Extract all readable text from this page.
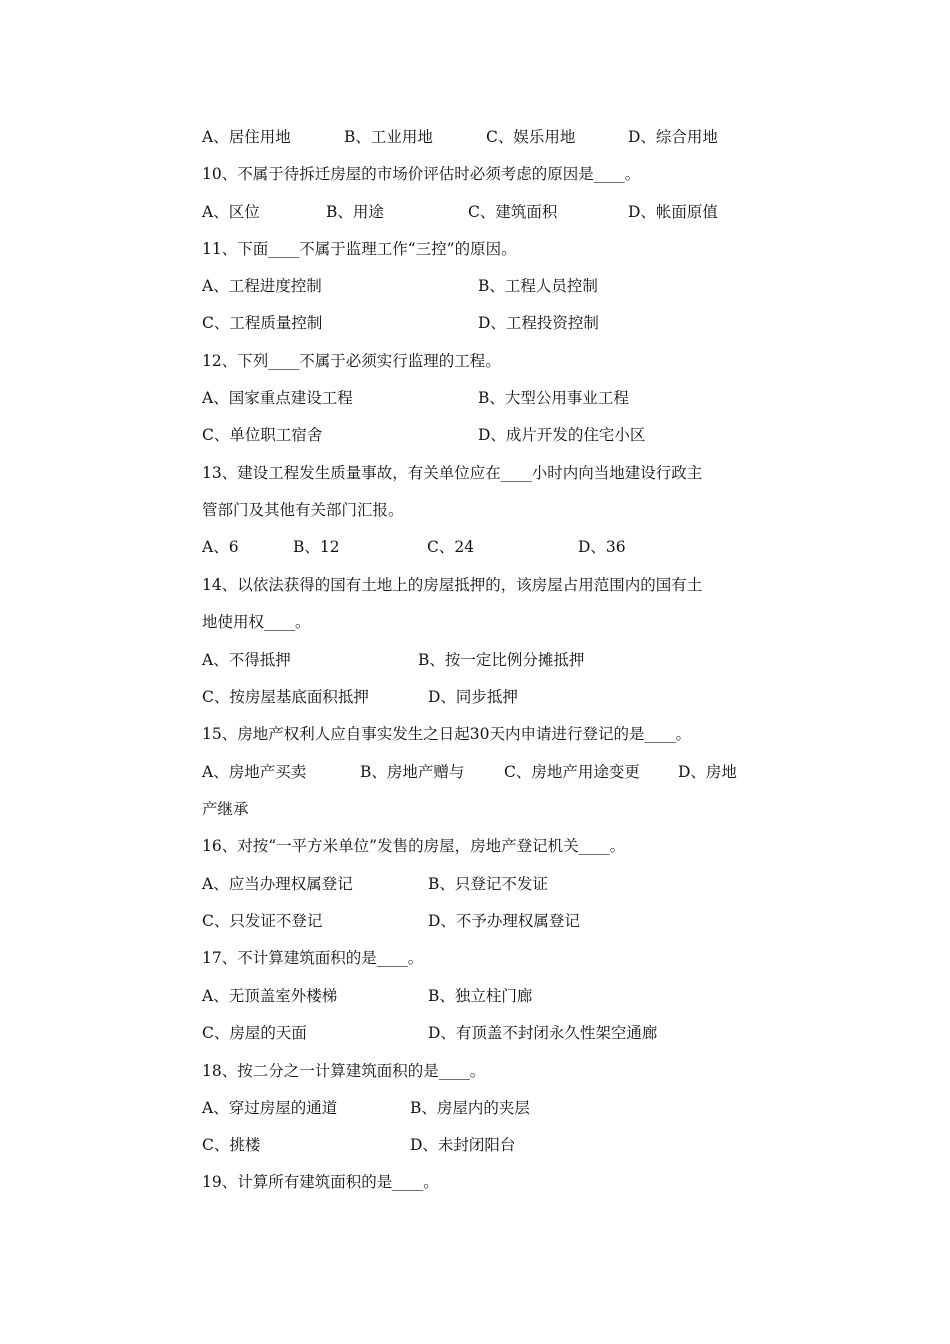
A、居住用地	B、工业用地	C、娱乐用地	D、综合用地
10、不属于待拆迁房屋的市场价评估时必须考虑的原因是____。
A、区位	B、用途	C、建筑面积	D、帐面原值
11、下面____不属于监理工作“三控”的原因。
A、工程进度控制	B、工程人员控制
C、工程质量控制	D、工程投资控制
12、下列____不属于必须实行监理的工程。
A、国家重点建设工程	B、大型公用事业工程
C、单位职工宿舍	D、成片开发的住宅小区
13、建设工程发生质量事故，有关单位应在____小时内向当地建设行政主
管部门及其他有关部门汇报。
A、6	B、12	C、24	D、36
14、以依法获得的国有土地上的房屋抵押的，该房屋占用范围内的国有土
地使用权____。
A、不得抵押	B、按一定比例分摊抵押
C、按房屋基底面积抵押	D、同步抵押
15、房地产权利人应自事实发生之日起30天内申请进行登记的是____。
A、房地产买卖	B、房地产赠与	C、房地产用途变更 D、房地
产继承
16、对按“一平方米单位”发售的房屋，房地产登记机关____。
A、应当办理权属登记	B、只登记不发证
C、只发证不登记	D、不予办理权属登记
17、不计算建筑面积的是____。
A、无顶盖室外楼梯	B、独立柱门廊
C、房屋的天面	D、有顶盖不封闭永久性架空通廊
18、按二分之一计算建筑面积的是____。
A、穿过房屋的通道	B、房屋内的夹层
C、挑楼	D、未封闭阳台
19、计算所有建筑面积的是____。
